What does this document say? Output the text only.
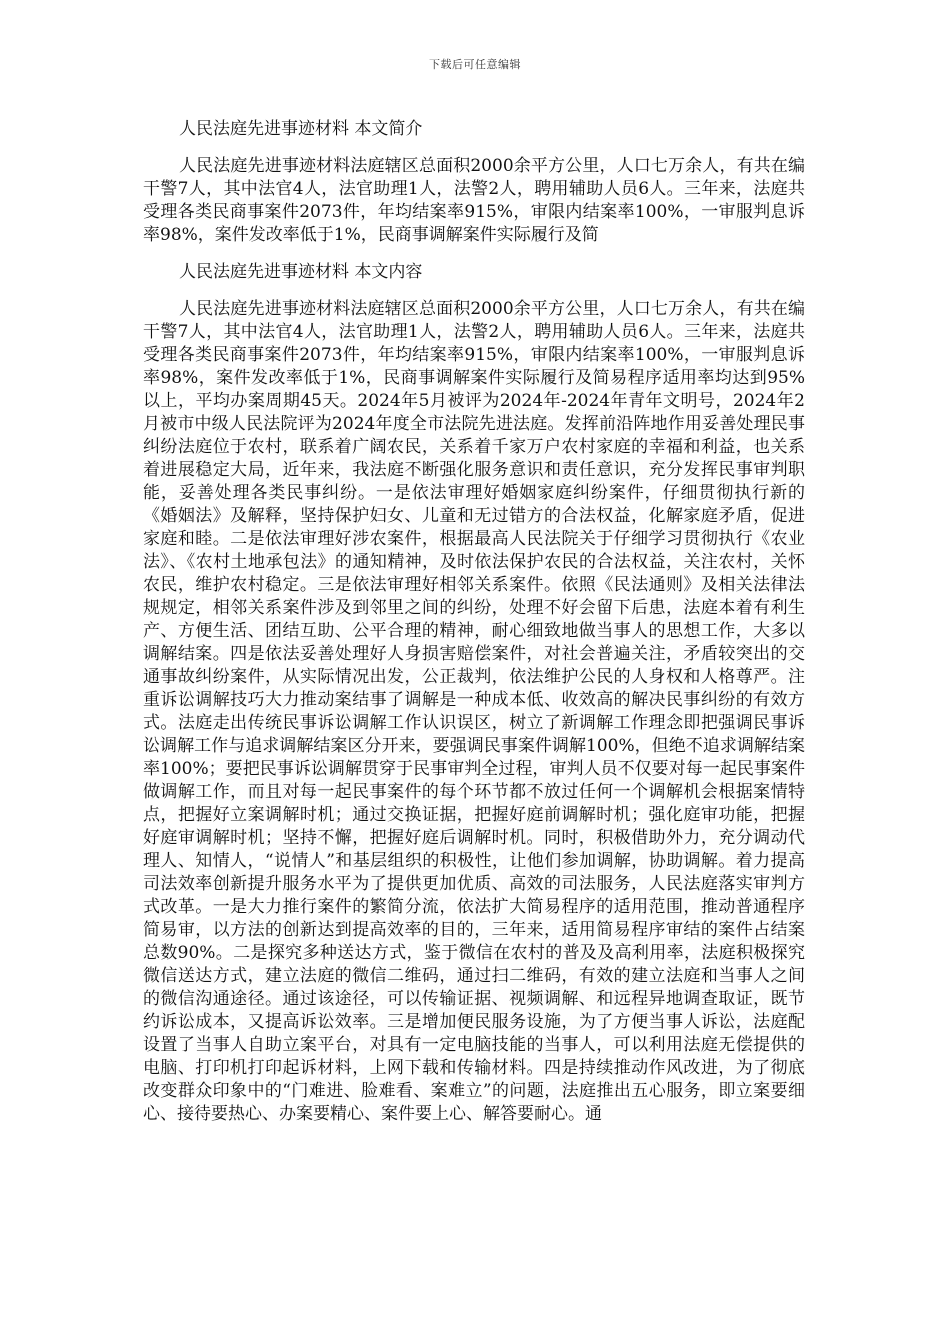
下载后可任意编辑
人民法庭先进事迹材料 本文简介

人民法庭先进事迹材料法庭辖区总面积2000余平方公里，人口七万余人，有共在编干警7人，其中法官4人，法官助理1人，法警2人，聘用辅助人员6人。三年来，法庭共受理各类民商事案件2073件，年均结案率915%，审限内结案率100%，一审服判息诉率98%，案件发改率低于1%，民商事调解案件实际履行及简

人民法庭先进事迹材料 本文内容

人民法庭先进事迹材料法庭辖区总面积2000余平方公里，人口七万余人，有共在编干警7人，其中法官4人，法官助理1人，法警2人，聘用辅助人员6人。三年来，法庭共受理各类民商事案件2073件，年均结案率915%，审限内结案率100%，一审服判息诉率98%，案件发改率低于1%，民商事调解案件实际履行及简易程序适用率均达到95%以上，平均办案周期45天。2024年5月被评为2024年-2024年青年文明号，2024年2月被市中级人民法院评为2024年度全市法院先进法庭。发挥前沿阵地作用妥善处理民事纠纷法庭位于农村，联系着广阔农民，关系着千家万户农村家庭的幸福和利益，也关系着进展稳定大局，近年来，我法庭不断强化服务意识和责任意识，充分发挥民事审判职能，妥善处理各类民事纠纷。一是依法审理好婚姻家庭纠纷案件，仔细贯彻执行新的《婚姻法》及解释，坚持保护妇女、儿童和无过错方的合法权益，化解家庭矛盾，促进家庭和睦。二是依法审理好涉农案件，根据最高人民法院关于仔细学习贯彻执行《农业法》、《农村土地承包法》的通知精神，及时依法保护农民的合法权益，关注农村，关怀农民，维护农村稳定。三是依法审理好相邻关系案件。依照《民法通则》及相关法律法规规定，相邻关系案件涉及到邻里之间的纠纷，处理不好会留下后患，法庭本着有利生产、方便生活、团结互助、公平合理的精神，耐心细致地做当事人的思想工作，大多以调解结案。四是依法妥善处理好人身损害赔偿案件，对社会普遍关注，矛盾较突出的交通事故纠纷案件，从实际情况出发，公正裁判，依法维护公民的人身权和人格尊严。注重诉讼调解技巧大力推动案结事了调解是一种成本低、收效高的解决民事纠纷的有效方式。法庭走出传统民事诉讼调解工作认识误区，树立了新调解工作理念即把强调民事诉讼调解工作与追求调解结案区分开来，要强调民事案件调解100%，但绝不追求调解结案率100%；要把民事诉讼调解贯穿于民事审判全过程，审判人员不仅要对每一起民事案件做调解工作，而且对每一起民事案件的每个环节都不放过任何一个调解机会根据案情特点，把握好立案调解时机；通过交换证据，把握好庭前调解时机；强化庭审功能，把握好庭审调解时机；坚持不懈，把握好庭后调解时机。同时，积极借助外力，充分调动代理人、知情人，“说情人”和基层组织的积极性，让他们参加调解，协助调解。着力提高司法效率创新提升服务水平为了提供更加优质、高效的司法服务，人民法庭落实审判方式改革。一是大力推行案件的繁简分流，依法扩大简易程序的适用范围，推动普通程序简易审，以方法的创新达到提高效率的目的，三年来，适用简易程序审结的案件占结案总数90%。二是探究多种送达方式，鉴于微信在农村的普及及高利用率，法庭积极探究微信送达方式，建立法庭的微信二维码，通过扫二维码，有效的建立法庭和当事人之间的微信沟通途径。通过该途径，可以传输证据、视频调解、和远程异地调查取证，既节约诉讼成本，又提高诉讼效率。三是增加便民服务设施，为了方便当事人诉讼，法庭配设置了当事人自助立案平台，对具有一定电脑技能的当事人，可以利用法庭无偿提供的电脑、打印机打印起诉材料，上网下载和传输材料。四是持续推动作风改进，为了彻底改变群众印象中的“门难进、脸难看、案难立”的问题，法庭推出五心服务，即立案要细心、接待要热心、办案要精心、案件要上心、解答要耐心。通
